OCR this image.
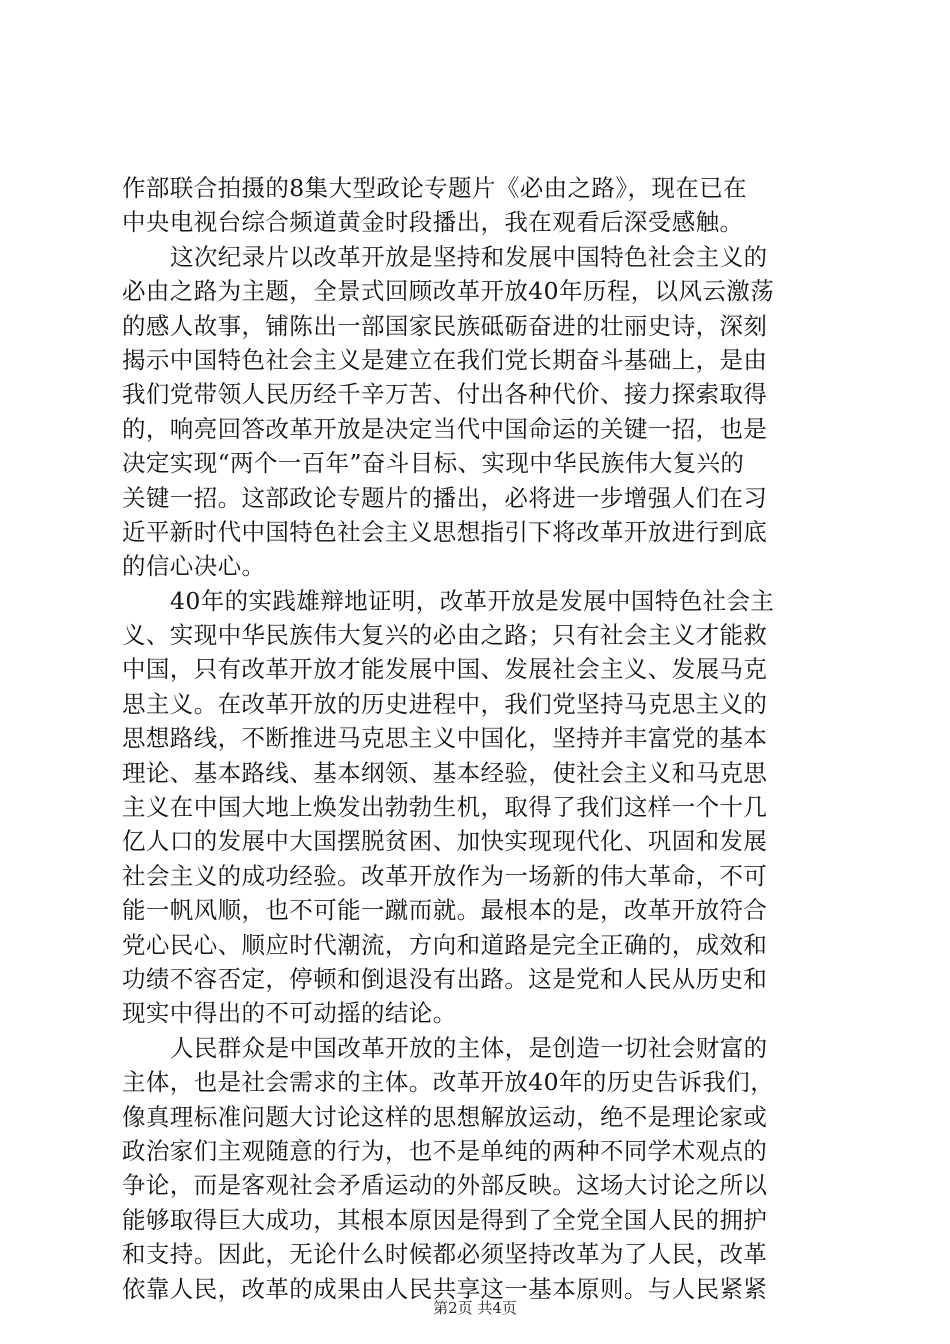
作部联合拍摄的8集大型政论专题片《必由之路》，现在已在
中央电视台综合频道黄金时段播出，我在观看后深受感触。
这次纪录片以改革开放是坚持和发展中国特色社会主义的
必由之路为主题，全景式回顾改革开放40年历程，以风云激荡
的感人故事，铺陈出一部国家民族砥砺奋进的壮丽史诗，深刻
揭示中国特色社会主义是建立在我们党长期奋斗基础上，是由
我们党带领人民历经千辛万苦、付出各种代价、接力探索取得
的，响亮回答改革开放是决定当代中国命运的关键一招，也是
决定实现“两个一百年”奋斗目标、实现中华民族伟大复兴的
关键一招。这部政论专题片的播出，必将进一步增强人们在习
近平新时代中国特色社会主义思想指引下将改革开放进行到底
的信心决心。
40年的实践雄辩地证明，改革开放是发展中国特色社会主
义、实现中华民族伟大复兴的必由之路；只有社会主义才能救
中国，只有改革开放才能发展中国、发展社会主义、发展马克
思主义。在改革开放的历史进程中，我们党坚持马克思主义的
思想路线，不断推进马克思主义中国化，坚持并丰富党的基本
理论、基本路线、基本纲领、基本经验，使社会主义和马克思
主义在中国大地上焕发出勃勃生机，取得了我们这样一个十几
亿人口的发展中大国摆脱贫困、加快实现现代化、巩固和发展
社会主义的成功经验。改革开放作为一场新的伟大革命，不可
能一帆风顺，也不可能一蹴而就。最根本的是，改革开放符合
党心民心、顺应时代潮流，方向和道路是完全正确的，成效和
功绩不容否定，停顿和倒退没有出路。这是党和人民从历史和
现实中得出的不可动摇的结论。
人民群众是中国改革开放的主体，是创造一切社会财富的
主体，也是社会需求的主体。改革开放40年的历史告诉我们，
像真理标准问题大讨论这样的思想解放运动，绝不是理论家或
政治家们主观随意的行为，也不是单纯的两种不同学术观点的
争论，而是客观社会矛盾运动的外部反映。这场大讨论之所以
能够取得巨大成功，其根本原因是得到了全党全国人民的拥护
和支持。因此，无论什么时候都必须坚持改革为了人民，改革
依靠人民，改革的成果由人民共享这一基本原则。与人民紧紧
第2页 共4页
